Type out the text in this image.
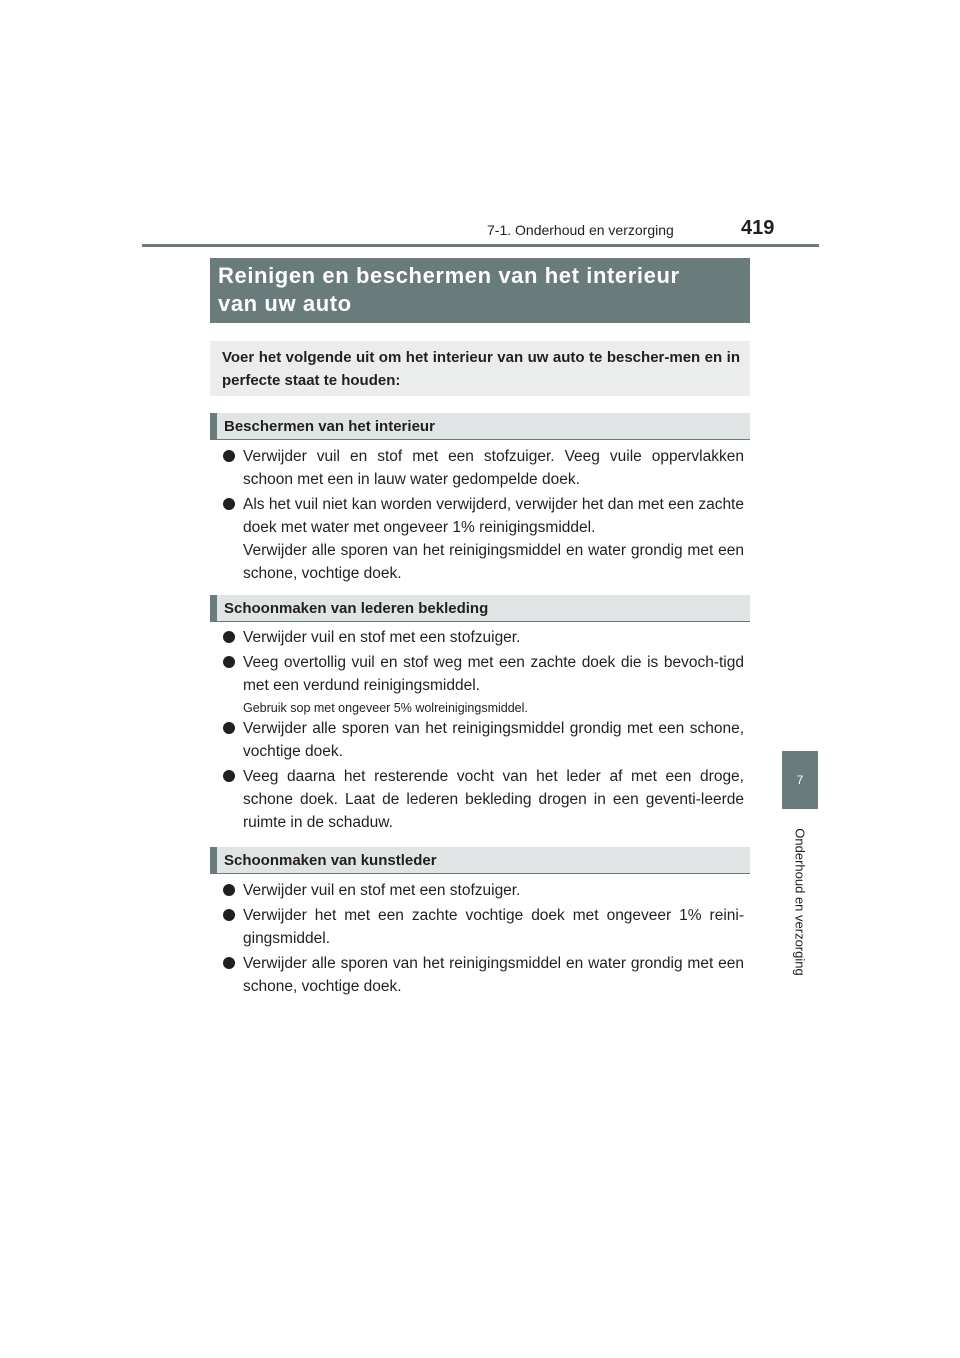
7-1. Onderhoud en verzorging	419
7
Onderhoud en verzorging
Reinigen en beschermen van het interieur
van uw auto
Voer het volgende uit om het interieur van uw auto te bescher-men en in perfecte staat te houden:
Beschermen van het interieur
Verwijder vuil en stof met een stofzuiger. Veeg vuile oppervlakken schoon met een in lauw water gedompelde doek.
Als het vuil niet kan worden verwijderd, verwijder het dan met een zachte doek met water met ongeveer 1% reinigingsmiddel.
Verwijder alle sporen van het reinigingsmiddel en water grondig met een schone, vochtige doek.
Schoonmaken van lederen bekleding
Verwijder vuil en stof met een stofzuiger.
Veeg overtollig vuil en stof weg met een zachte doek die is bevoch-tigd met een verdund reinigingsmiddel.
Gebruik sop met ongeveer 5% wolreinigingsmiddel.
Verwijder alle sporen van het reinigingsmiddel grondig met een schone, vochtige doek.
Veeg daarna het resterende vocht van het leder af met een droge, schone doek. Laat de lederen bekleding drogen in een geventi-leerde ruimte in de schaduw.
Schoonmaken van kunstleder
Verwijder vuil en stof met een stofzuiger.
Verwijder het met een zachte vochtige doek met ongeveer 1% reini-gingsmiddel.
Verwijder alle sporen van het reinigingsmiddel en water grondig met een schone, vochtige doek.
